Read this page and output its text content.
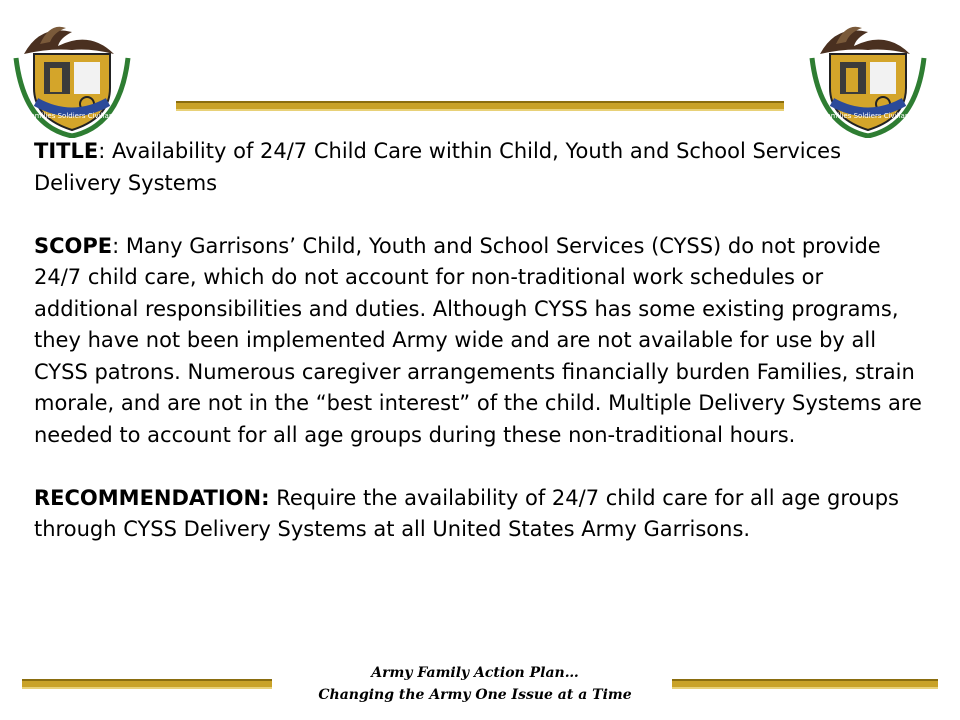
Families Soldiers Civilians	Families Soldiers Civilians

TITLE: Availability of 24/7 Child Care within Child, Youth and School Services Delivery Systems

SCOPE: Many Garrisons’ Child, Youth and School Services (CYSS) do not provide 24/7 child care, which do not account for non-traditional work schedules or additional responsibilities and duties. Although CYSS has some existing programs, they have not been implemented Army wide and are not available for use by all CYSS patrons. Numerous caregiver arrangements financially burden Families, strain morale, and are not in the “best interest” of the child. Multiple Delivery Systems are needed to account for all age groups during these non-traditional hours.

RECOMMENDATION: Require the availability of 24/7 child care for all age groups through CYSS Delivery Systems at all United States Army Garrisons.

Army Family Action Plan…
Changing the Army One Issue at a Time
